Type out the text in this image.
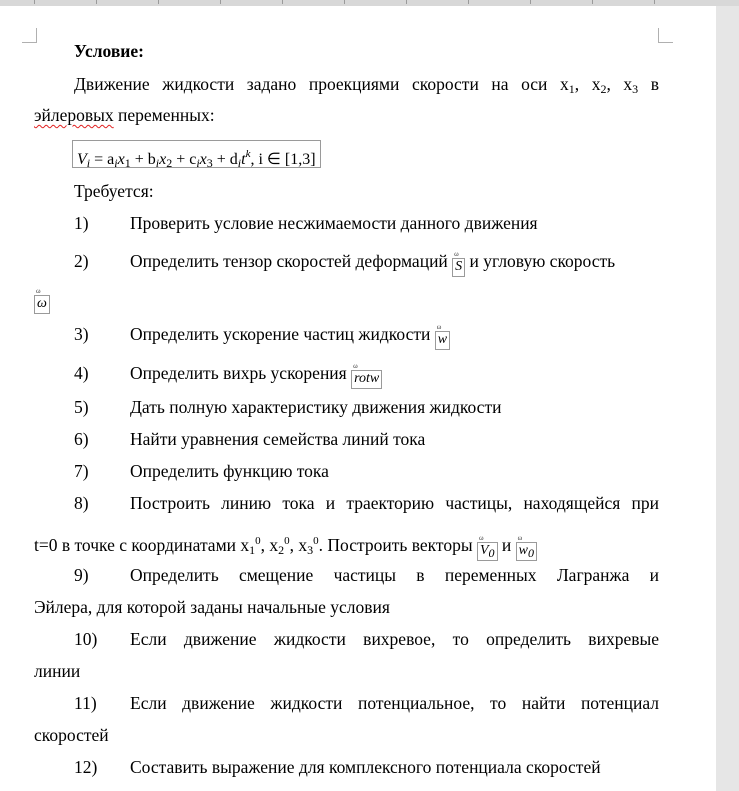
Условие:
Движение жидкости задано проекциями скорости на оси $x_1$, $x_2$, $x_3$ в
эйлеровых переменных:
$V_i = a_ix_1 + b_ix_2 + c_ix_3 + d_it^k$, i ∈ [1,3]
Требуется:
1) Проверить условие несжимаемости данного движения
2) Определить тензор скоростей деформаций ω
S и угловую скорость
ω
ω
3) Определить ускорение частиц жидкости ω
w
4) Определить вихрь ускорения ω
rotw
5) Дать полную характеристику движения жидкости
6) Найти уравнения семейства линий тока
7) Определить функцию тока
8) Построить линию тока и траекторию частицы, находящейся при
t=0 в точке с координатами $x_1^0$, $x_2^0$, $x_3^0$. Построить векторы ω
V0 и ω
w0
9) Определить смещение частицы в переменных Лагранжа и
Эйлера, для которой заданы начальные условия
10) Если движение жидкости вихревое, то определить вихревые
линии
11) Если движение жидкости потенциальное, то найти потенциал
скоростей
12) Составить выражение для комплексного потенциала скоростей
